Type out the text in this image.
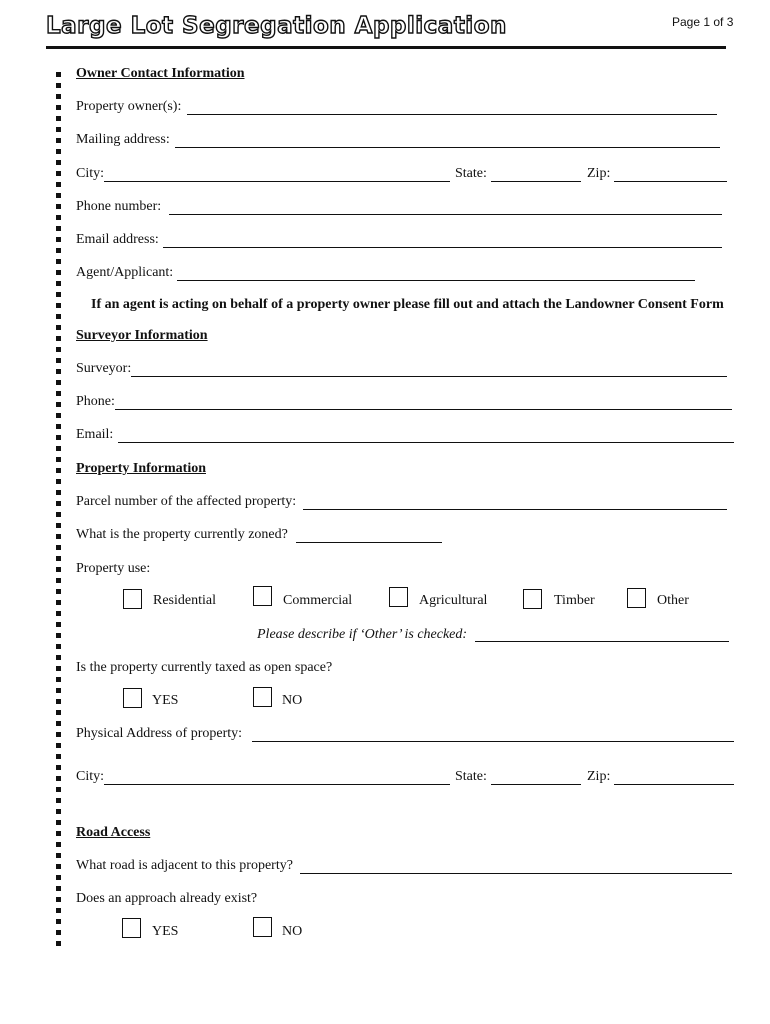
Large Lot Segregation Application	Page 1 of 3
Owner Contact Information
Property owner(s):
Mailing address:
City:	State:	Zip:
Phone number:
Email address:
Agent/Applicant:
If an agent is acting on behalf of a property owner please fill out and attach the Landowner Consent Form
Surveyor Information
Surveyor:
Phone:
Email:
Property Information
Parcel number of the affected property:
What is the property currently zoned?
Property use:
Residential	Commercial	Agricultural	Timber	Other
Please describe if ‘Other’ is checked:
Is the property currently taxed as open space?
YES	NO
Physical Address of property:
City:	State:	Zip:
Road Access
What road is adjacent to this property?
Does an approach already exist?
YES	NO
